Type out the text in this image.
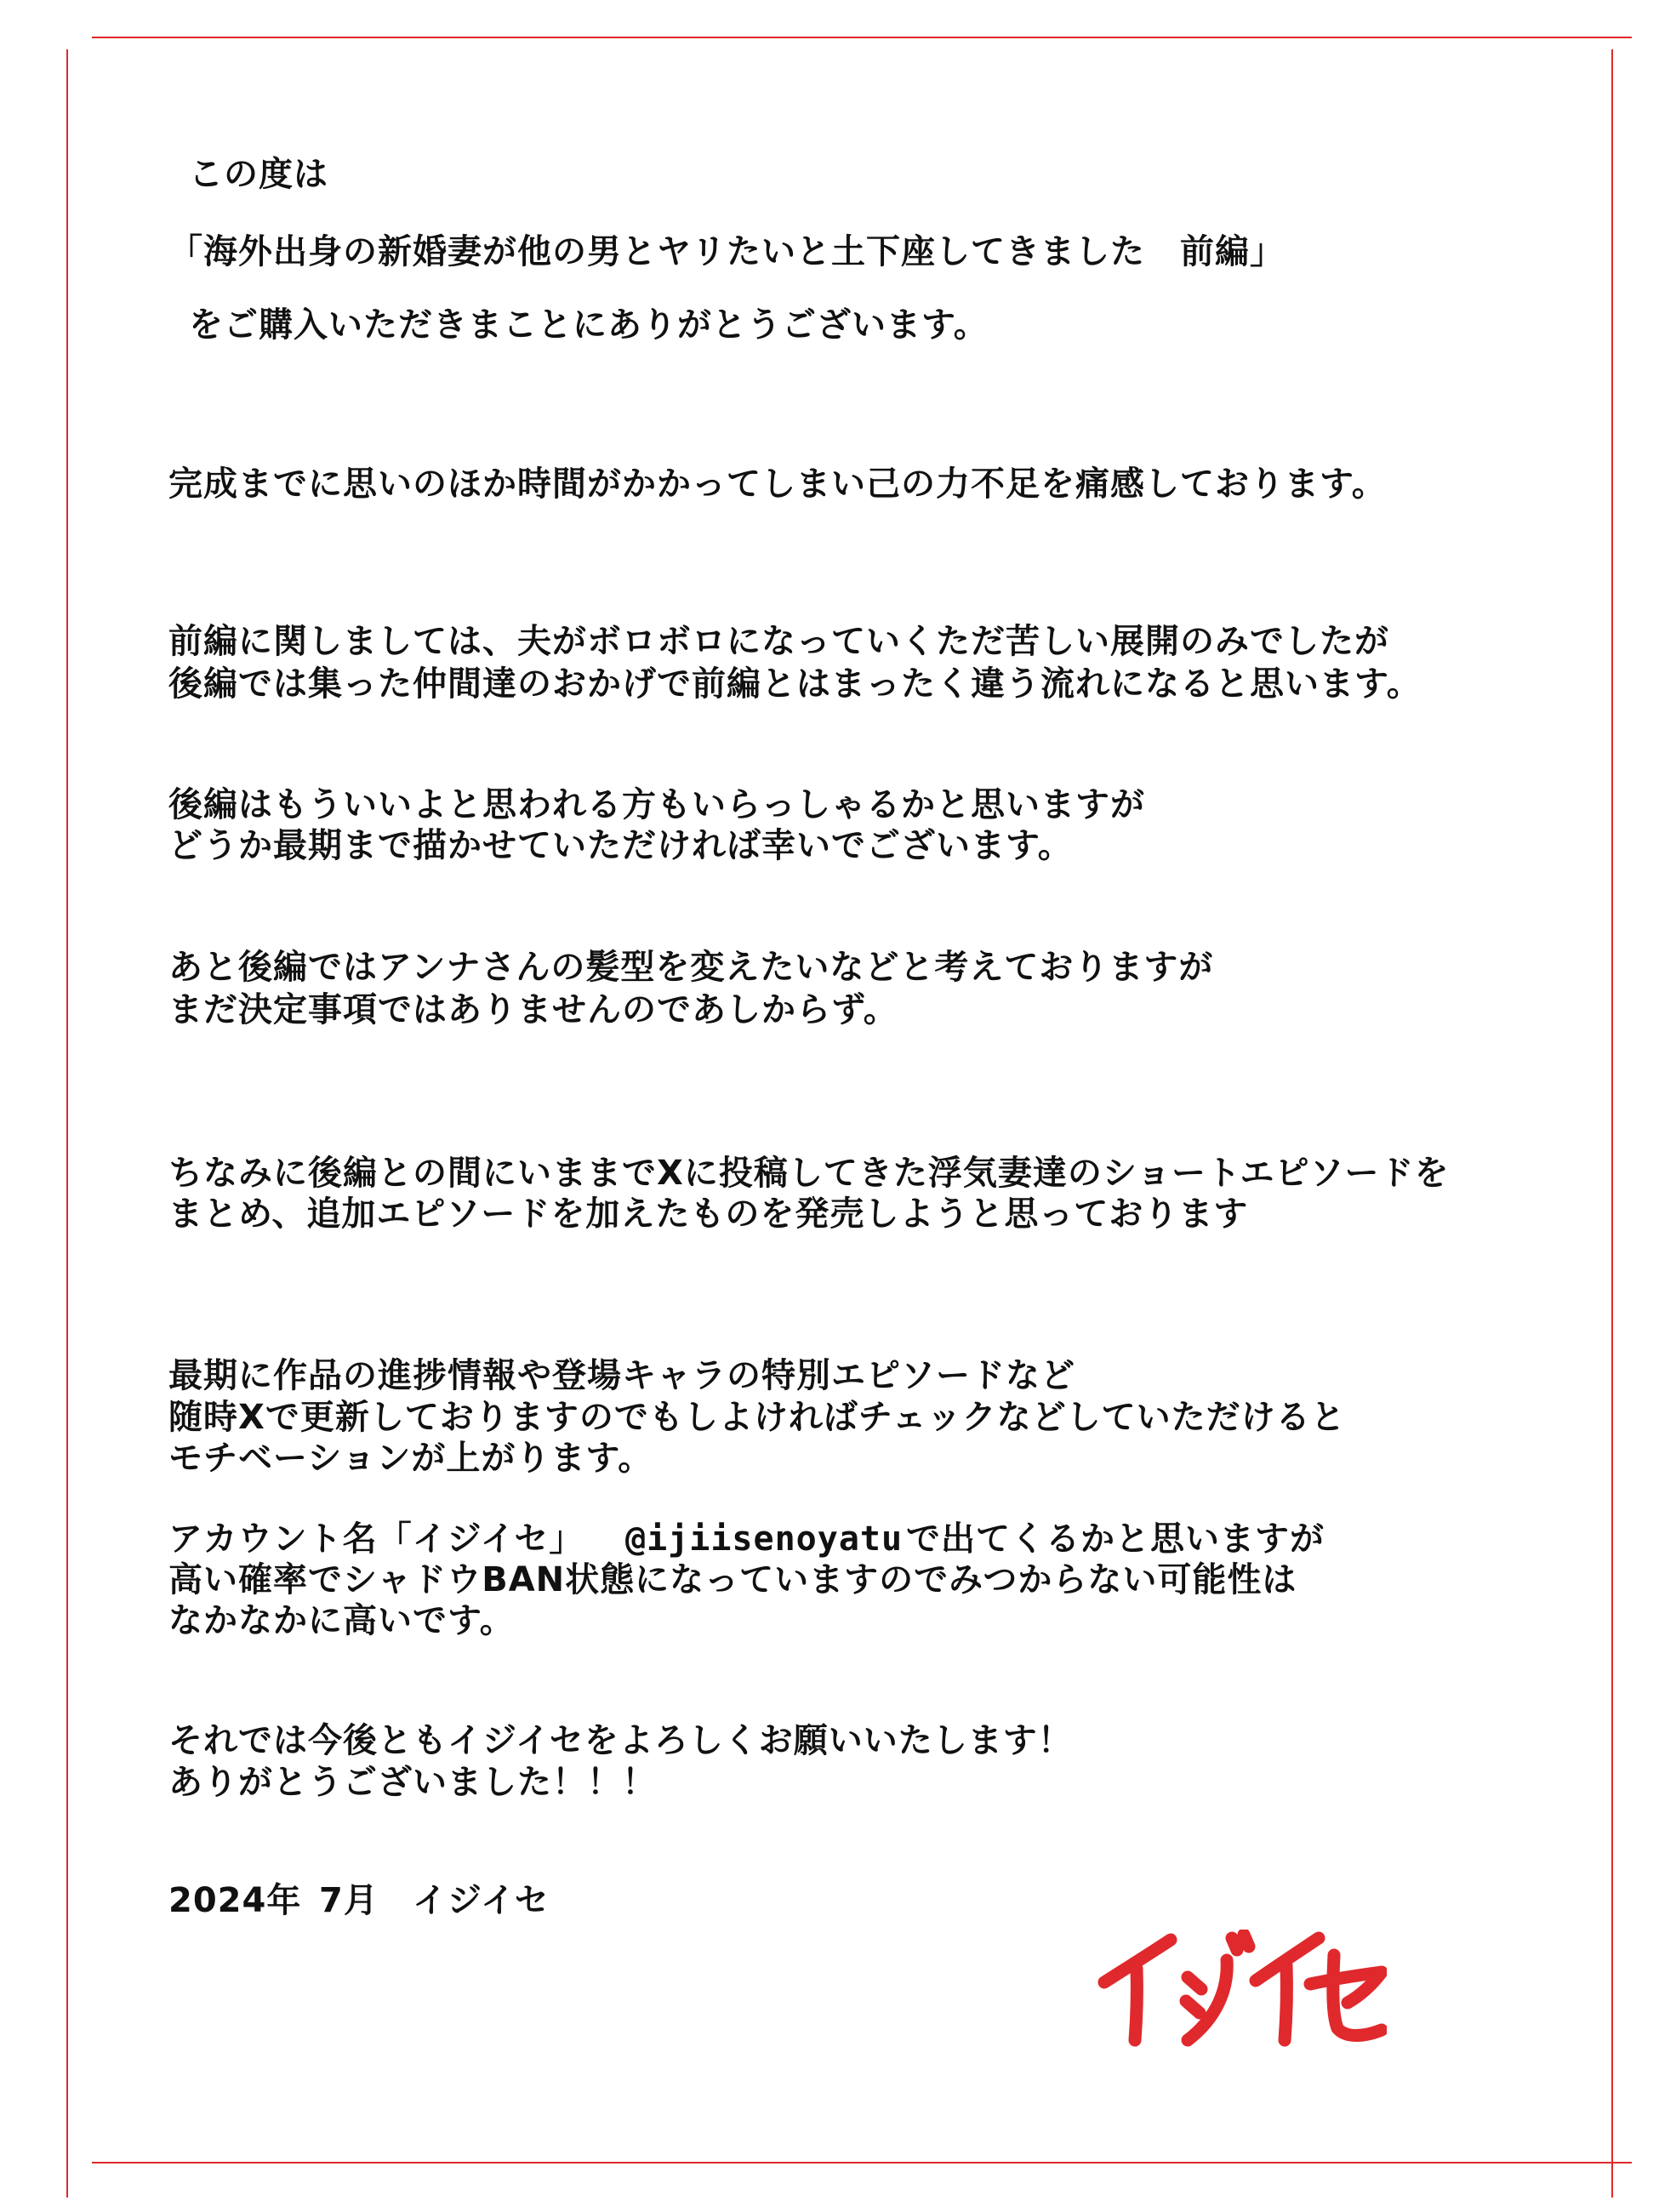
この度は
「海外出身の新婚妻が他の男とヤリたいと土下座してきました　前編」
をご購入いただきまことにありがとうございます。
完成までに思いのほか時間がかかってしまい己の力不足を痛感しております。
前編に関しましては、夫がボロボロになっていくただ苦しい展開のみでしたが
後編では集った仲間達のおかげで前編とはまったく違う流れになると思います。
後編はもういいよと思われる方もいらっしゃるかと思いますが
どうか最期まで描かせていただければ幸いでございます。
あと後編ではアンナさんの髪型を変えたいなどと考えておりますが
まだ決定事項ではありませんのであしからず。
ちなみに後編との間にいままでXに投稿してきた浮気妻達のショートエピソードを
まとめ、追加エピソードを加えたものを発売しようと思っております
最期に作品の進捗情報や登場キャラの特別エピソードなど
随時Xで更新しておりますのでもしよければチェックなどしていただけると
モチベーションが上がります。
アカウント名「イジイセ」 @ijiisenoyatu で出てくるかと思いますが
高い確率でシャドウBAN状態になっていますのでみつからない可能性は
なかなかに高いです。
それでは今後ともイジイセをよろしくお願いいたします！
ありがとうございました！！！
2024年 7月 イジイセ
